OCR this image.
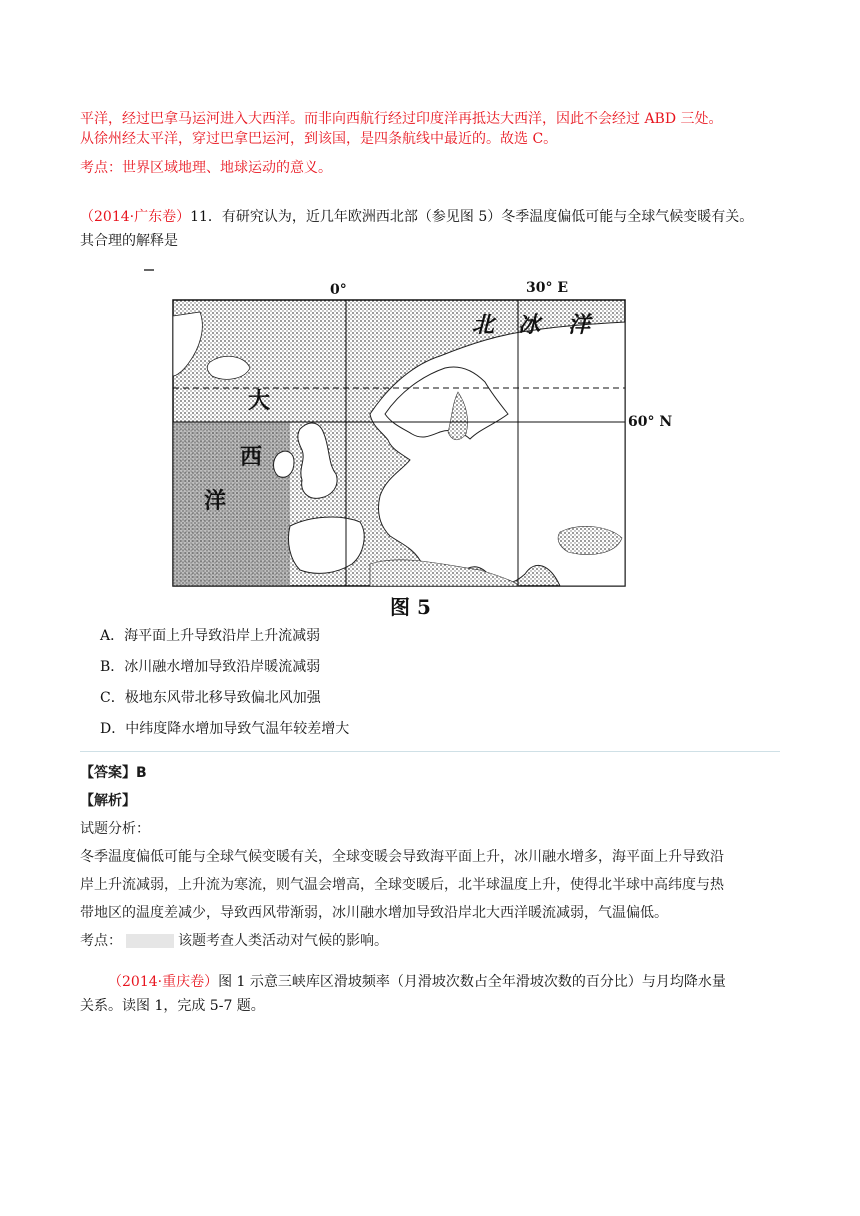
平洋，经过巴拿马运河进入大西洋。而非向西航行经过印度洋再抵达大西洋，因此不会经过 ABD 三处。
从徐州经太平洋，穿过巴拿巴运河，到该国，是四条航线中最近的。故选 C。
考点：世界区域地理、地球运动的意义。
（2014·广东卷）11．有研究认为，近几年欧洲西北部（参见图 5）冬季温度偏低可能与全球气候变暖有关。
其合理的解释是
北 冰 洋
大
西
洋
0°	30° E
60° N
图 5
A．海平面上升导致沿岸上升流减弱
B．冰川融水增加导致沿岸暖流减弱
C．极地东风带北移导致偏北风加强
D．中纬度降水增加导致气温年较差增大
【答案】B
【解析】
试题分析：
冬季温度偏低可能与全球气候变暖有关，全球变暖会导致海平面上升，冰川融水增多，海平面上升导致沿
岸上升流减弱，上升流为寒流，则气温会增高，全球变暖后，北半球温度上升，使得北半球中高纬度与热
带地区的温度差减少，导致西风带渐弱，冰川融水增加导致沿岸北大西洋暖流减弱，气温偏低。
考点：	该题考查人类活动对气候的影响。
（2014·重庆卷）图 1 示意三峡库区滑坡频率（月滑坡次数占全年滑坡次数的百分比）与月均降水量
关系。读图 1，完成 5-7 题。
